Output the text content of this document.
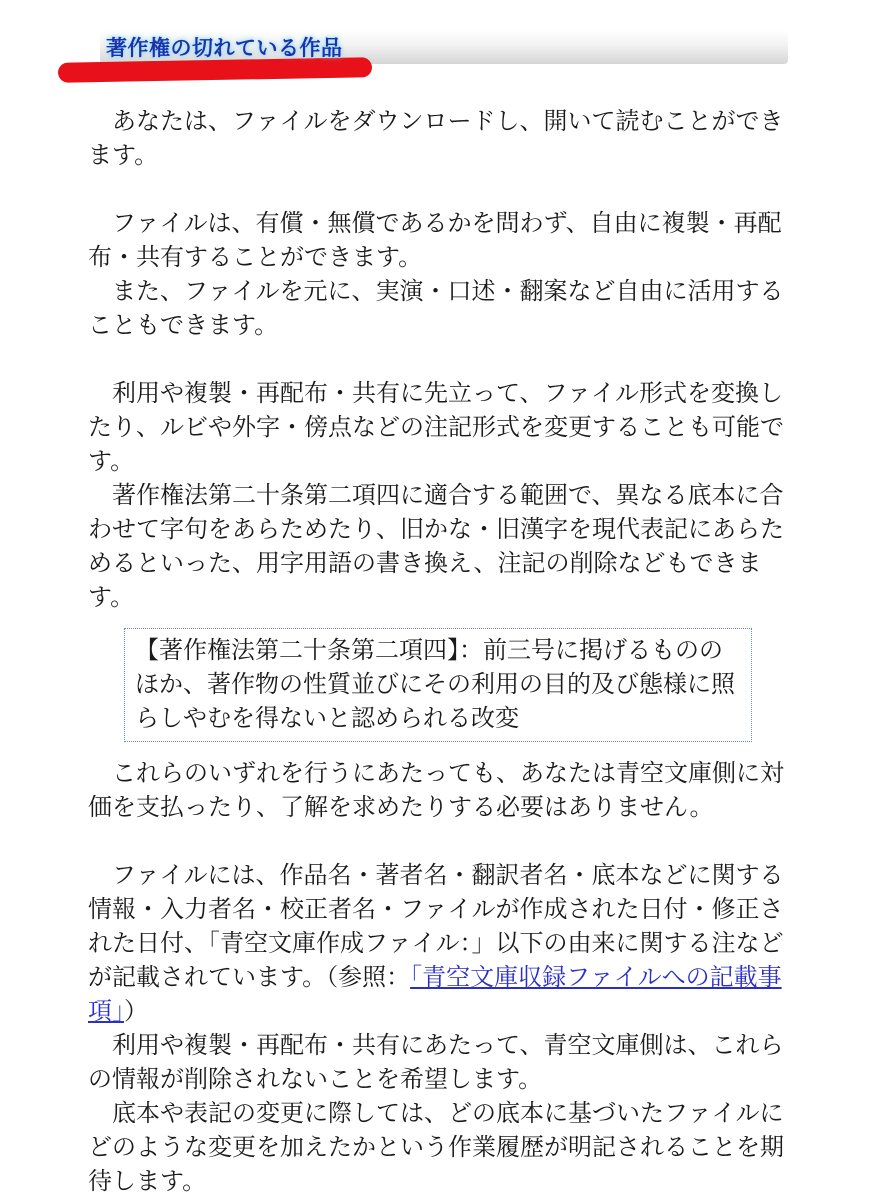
著作権の切れている作品

あなたは、ファイルをダウンロードし、開いて読むことができます。

ファイルは、有償・無償であるかを問わず、自由に複製・再配布・共有することができます。

また、ファイルを元に、実演・口述・翻案など自由に活用することもできます。

利用や複製・再配布・共有に先立って、ファイル形式を変換したり、ルビや外字・傍点などの注記形式を変更することも可能です。

著作権法第二十条第二項四に適合する範囲で、異なる底本に合わせて字句をあらためたり、旧かな・旧漢字を現代表記にあらためるといった、用字用語の書き換え、注記の削除などもできます。

【著作権法第二十条第二項四】：前三号に掲げるもののほか、著作物の性質並びにその利用の目的及び態様に照らしやむを得ないと認められる改変

これらのいずれを行うにあたっても、あなたは青空文庫側に対価を支払ったり、了解を求めたりする必要はありません。

ファイルには、作品名・著者名・翻訳者名・底本などに関する情報・入力者名・校正者名・ファイルが作成された日付・修正された日付、「青空文庫作成ファイル：」以下の由来に関する注などが記載されています。（参照：「青空文庫収録ファイルへの記載事項」）

利用や複製・再配布・共有にあたって、青空文庫側は、これらの情報が削除されないことを希望します。

底本や表記の変更に際しては、どの底本に基づいたファイルにどのような変更を加えたかという作業履歴が明記されることを期待します。
